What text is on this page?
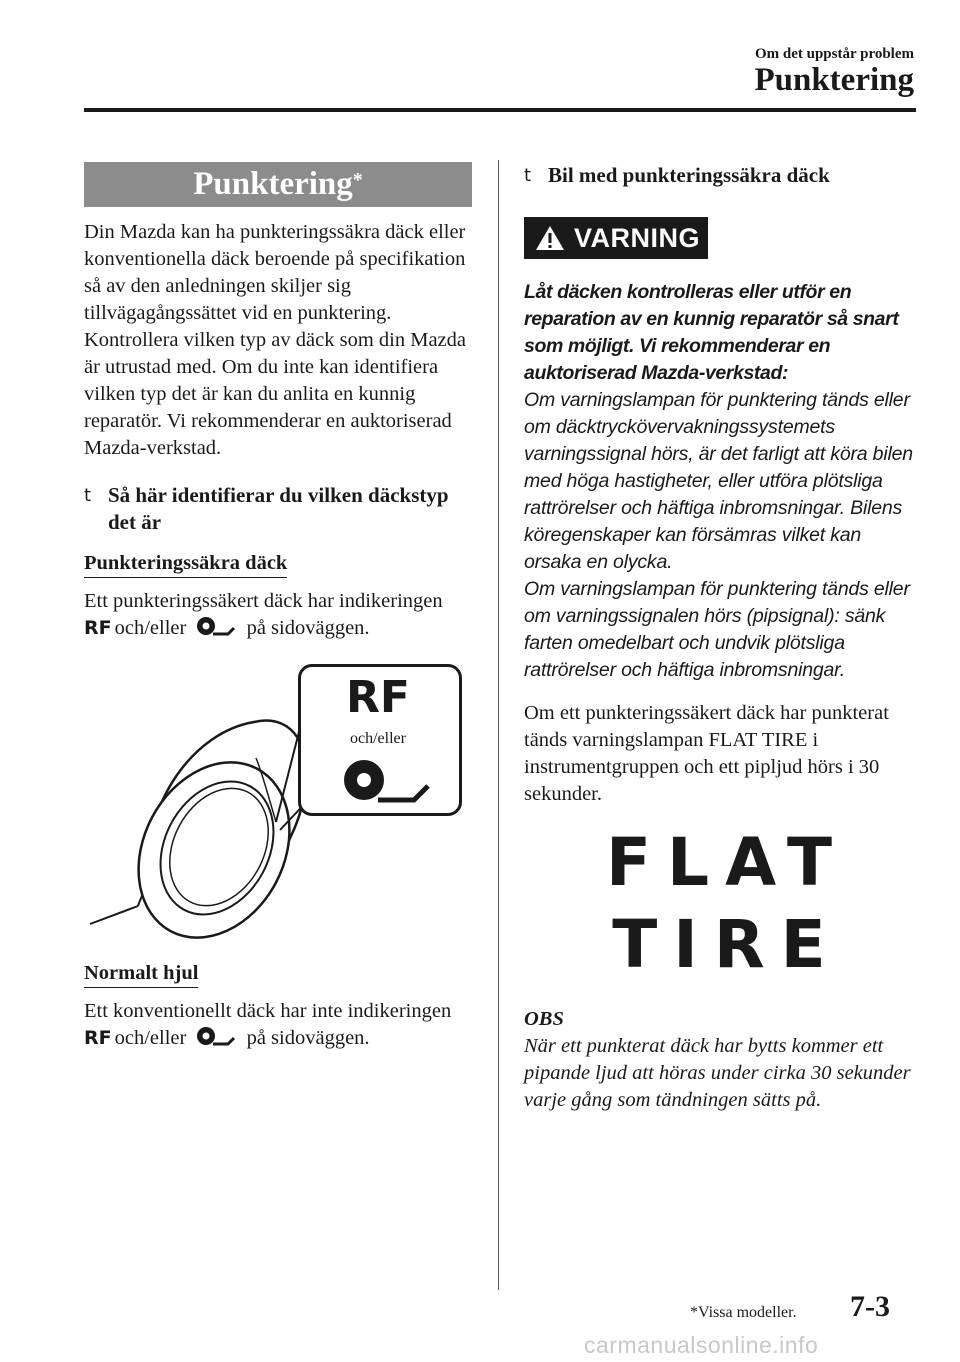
Om det uppstår problem
Punktering
Punktering*

Din Mazda kan ha punkteringssäkra däck eller konventionella däck beroende på specifikation så av den anledningen skiljer sig tillvägagångssättet vid en punktering. Kontrollera vilken typ av däck som din Mazda är utrustad med. Om du inte kan identifiera vilken typ det är kan du anlita en kunnig reparatör. Vi rekommenderar en auktoriserad Mazda-verkstad.

t Så här identifierar du vilken däckstyp det är
Punkteringssäkra däck

Ett punkteringssäkert däck har indikeringen RF och/eller	på sidoväggen.

RF
och/eller
Normalt hjul

Ett konventionellt däck har inte indikeringen RF och/eller	på sidoväggen.

t Bil med punkteringssäkra däck
VARNING

Låt däcken kontrolleras eller utför en reparation av en kunnig reparatör så snart som möjligt. Vi rekommenderar en auktoriserad Mazda-verkstad:

Om varningslampan för punktering tänds eller om däcktryckövervakningssystemets varningssignal hörs, är det farligt att köra bilen med höga hastigheter, eller utföra plötsliga rattrörelser och häftiga inbromsningar. Bilens köregenskaper kan försämras vilket kan orsaka en olycka.

Om varningslampan för punktering tänds eller om varningssignalen hörs (pipsignal): sänk farten omedelbart och undvik plötsliga rattrörelser och häftiga inbromsningar.

Om ett punkteringssäkert däck har punkterat tänds varningslampan FLAT TIRE i instrumentgruppen och ett pipljud hörs i 30 sekunder.

FLAT
TIRE
OBS

När ett punkterat däck har bytts kommer ett pipande ljud att höras under cirka 30 sekunder varje gång som tändningen sätts på.

*Vissa modeller. 7-3
carmanualsonline.info
